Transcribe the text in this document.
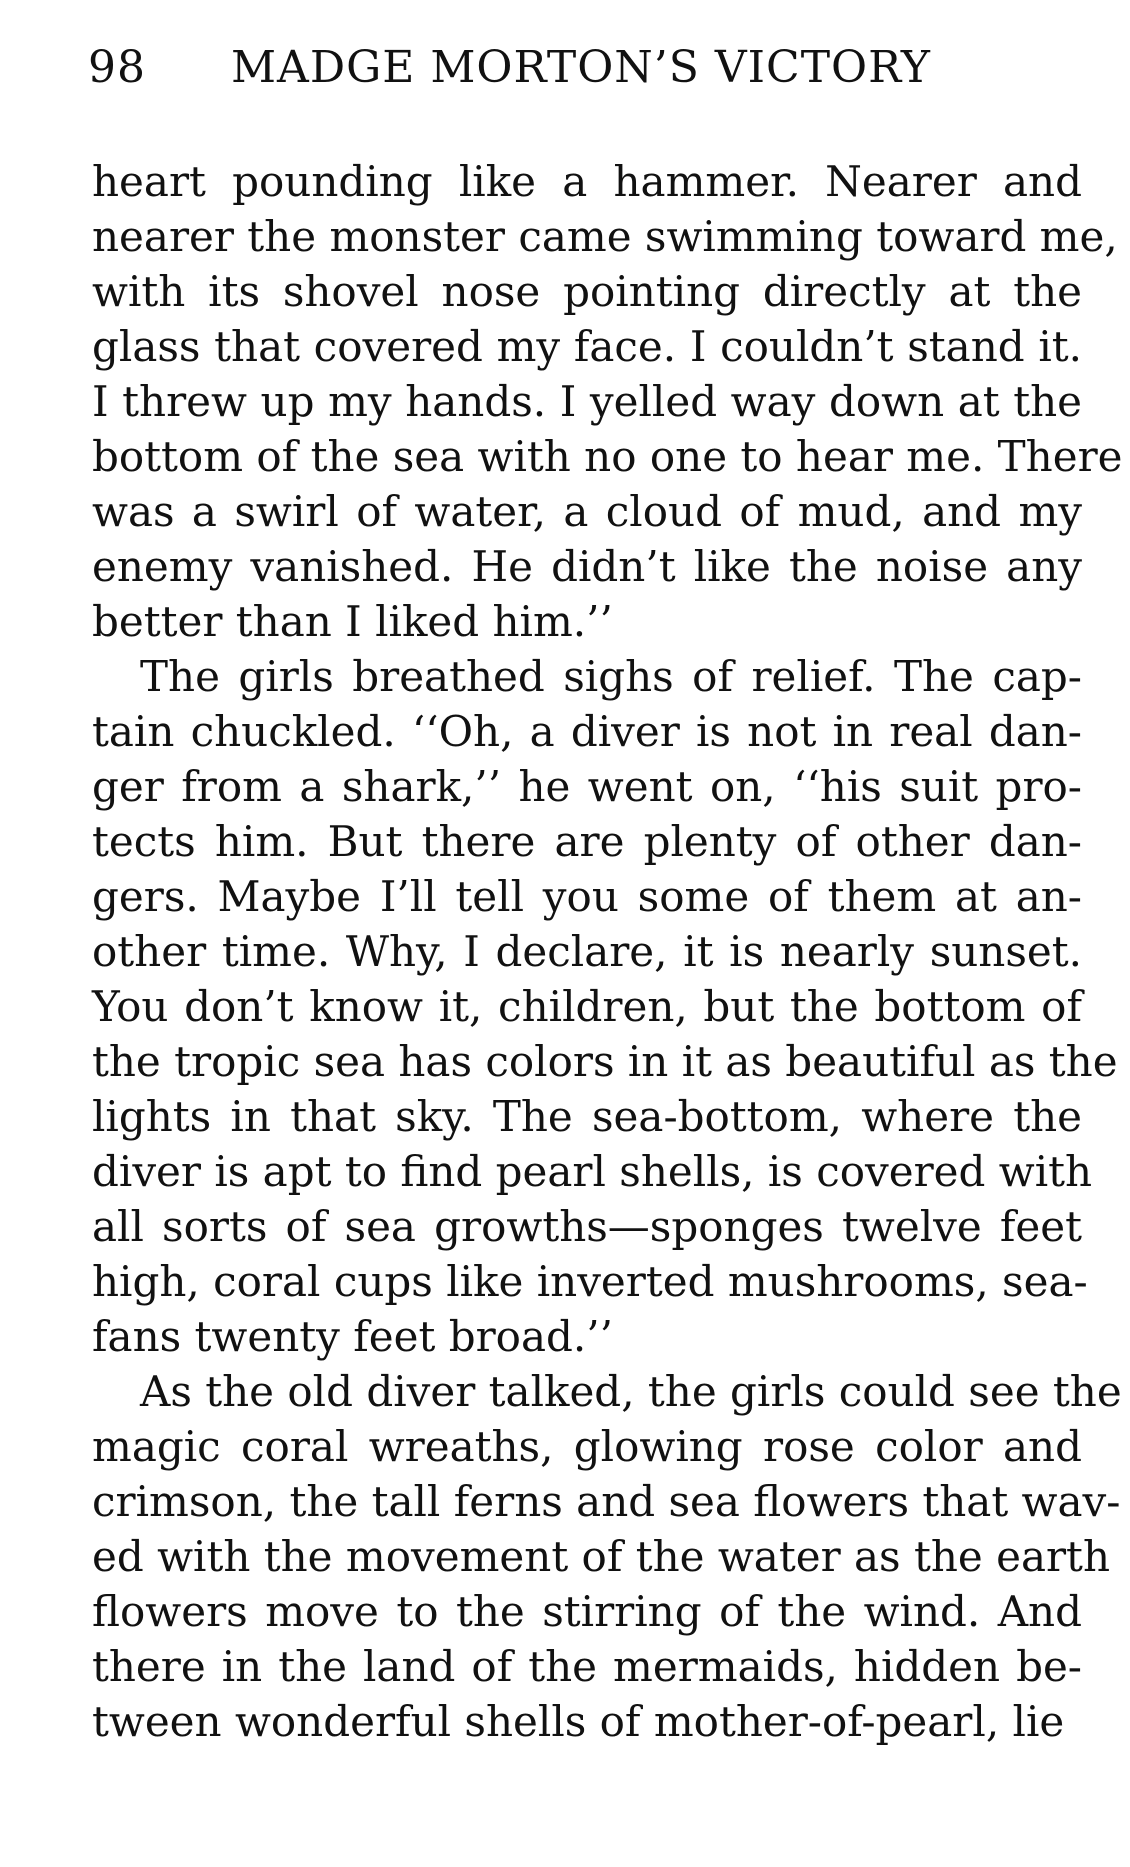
98 MADGE MORTON’S VICTORY
heart pounding like a hammer. Nearer and
nearer the monster came swimming toward me,
with its shovel nose pointing directly at the
glass that covered my face. I couldn’t stand it.
I threw up my hands. I yelled way down at the
bottom of the sea with no one to hear me. There
was a swirl of water, a cloud of mud, and my
enemy vanished. He didn’t like the noise any
better than I liked him.’’
The girls breathed sighs of relief. The cap-
tain chuckled. ‘‘Oh, a diver is not in real dan-
ger from a shark,’’ he went on, ‘‘his suit pro-
tects him. But there are plenty of other dan-
gers. Maybe I’ll tell you some of them at an-
other time. Why, I declare, it is nearly sunset.
You don’t know it, children, but the bottom of
the tropic sea has colors in it as beautiful as the
lights in that sky. The sea-bottom, where the
diver is apt to find pearl shells, is covered with
all sorts of sea growths—sponges twelve feet
high, coral cups like inverted mushrooms, sea-
fans twenty feet broad.’’
As the old diver talked, the girls could see the
magic coral wreaths, glowing rose color and
crimson, the tall ferns and sea flowers that wav-
ed with the movement of the water as the earth
flowers move to the stirring of the wind. And
there in the land of the mermaids, hidden be-
tween wonderful shells of mother-of-pearl, lie
